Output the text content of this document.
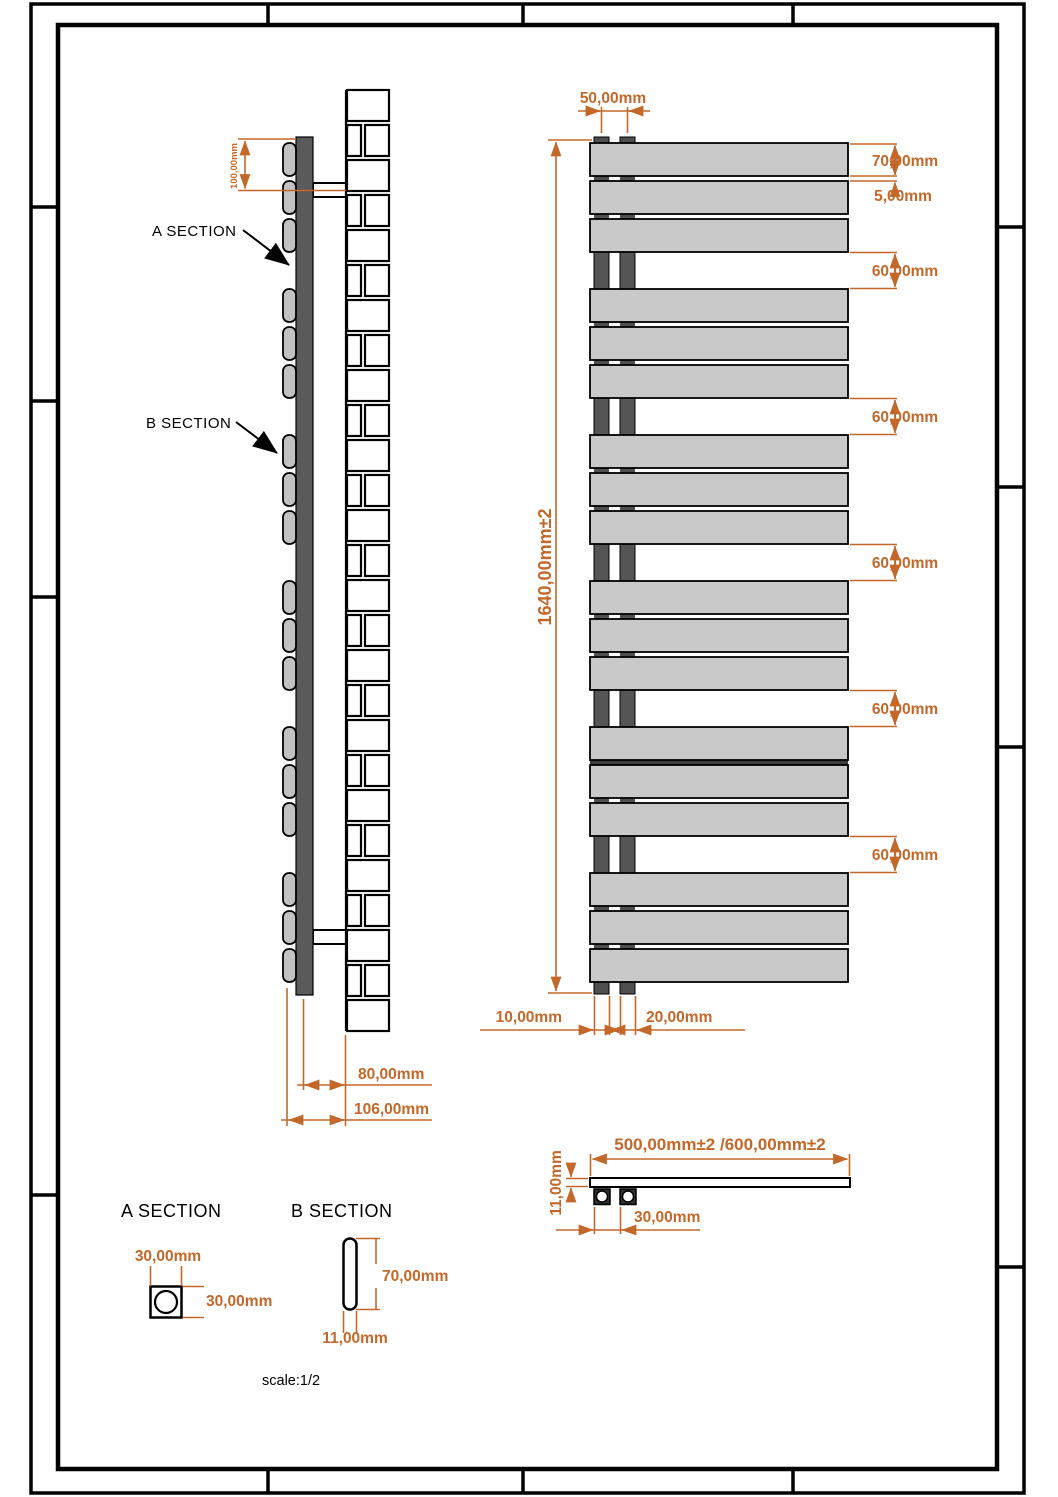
100,00mm
A SECTION
B SECTION
80,00mm
106,00mm
50,00mm
1640,00mm±2
70,00mm
5,00mm
60,00mm
60,00mm
60,00mm
60,00mm
60,00mm
10,00mm	20,00mm
500,00mm±2 /600,00mm±2
11,00mm
30,00mm
A SECTION
30,00mm
30,00mm
B SECTION
70,00mm
11,00mm
scale:1/2
